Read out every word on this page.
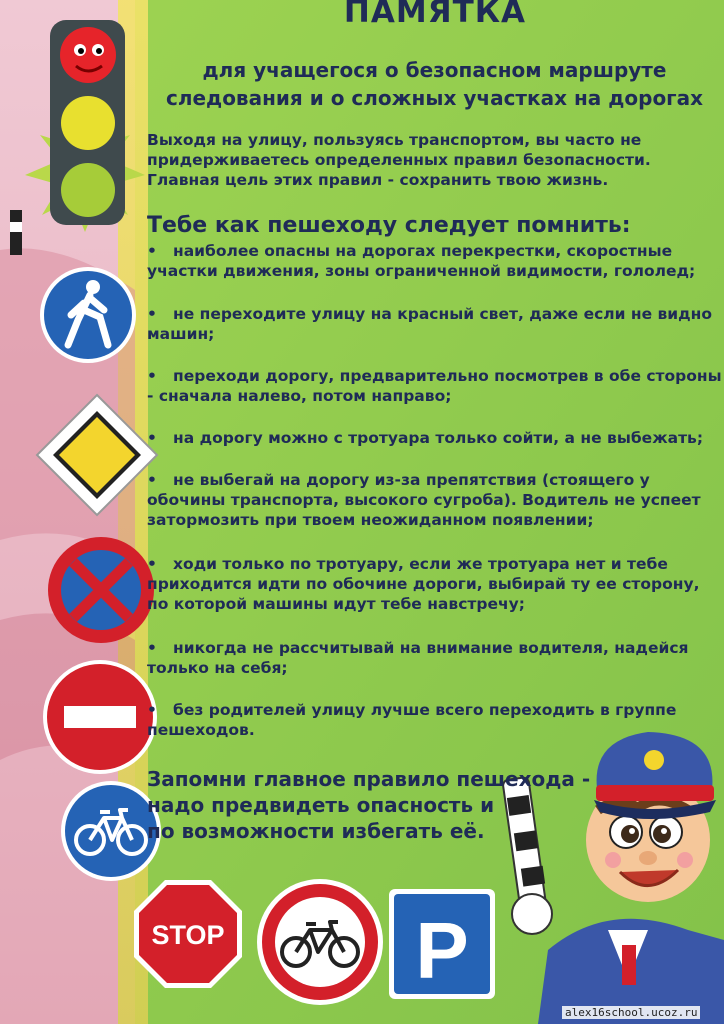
STOP P
ПАМЯТКА
для учащегося о безопасном маршруте
следования и о сложных участках на дорогах
Выходя на улицу, пользуясь транспортом, вы часто не придерживаетесь определенных правил безопасности. Главная цель этих правил - сохранить твою жизнь.
Тебе как пешеходу следует помнить:
• наиболее опасны на дорогах перекрестки, скоростные участки движения, зоны ограниченной видимости, гололед;
• не переходите улицу на красный свет, даже если не видно машин;
• переходи дорогу, предварительно посмотрев в обе стороны - сначала налево, потом направо;
• на дорогу можно с тротуара только сойти, а не выбежать;
• не выбегай на дорогу из-за препятствия (стоящего у обочины транспорта, высокого сугроба). Водитель не успеет затормозить при твоем неожиданном появлении;
• ходи только по тротуару, если же тротуара нет и тебе приходится идти по обочине дороги, выбирай ту ее сторону, по которой машины идут тебе навстречу;
• никогда не рассчитывай на внимание водителя, надейся только на себя;
• без родителей улицу лучше всего переходить в группе пешеходов.
Запомни главное правило пешехода -
надо предвидеть опасность и
по возможности избегать её.
alex16school.ucoz.ru
